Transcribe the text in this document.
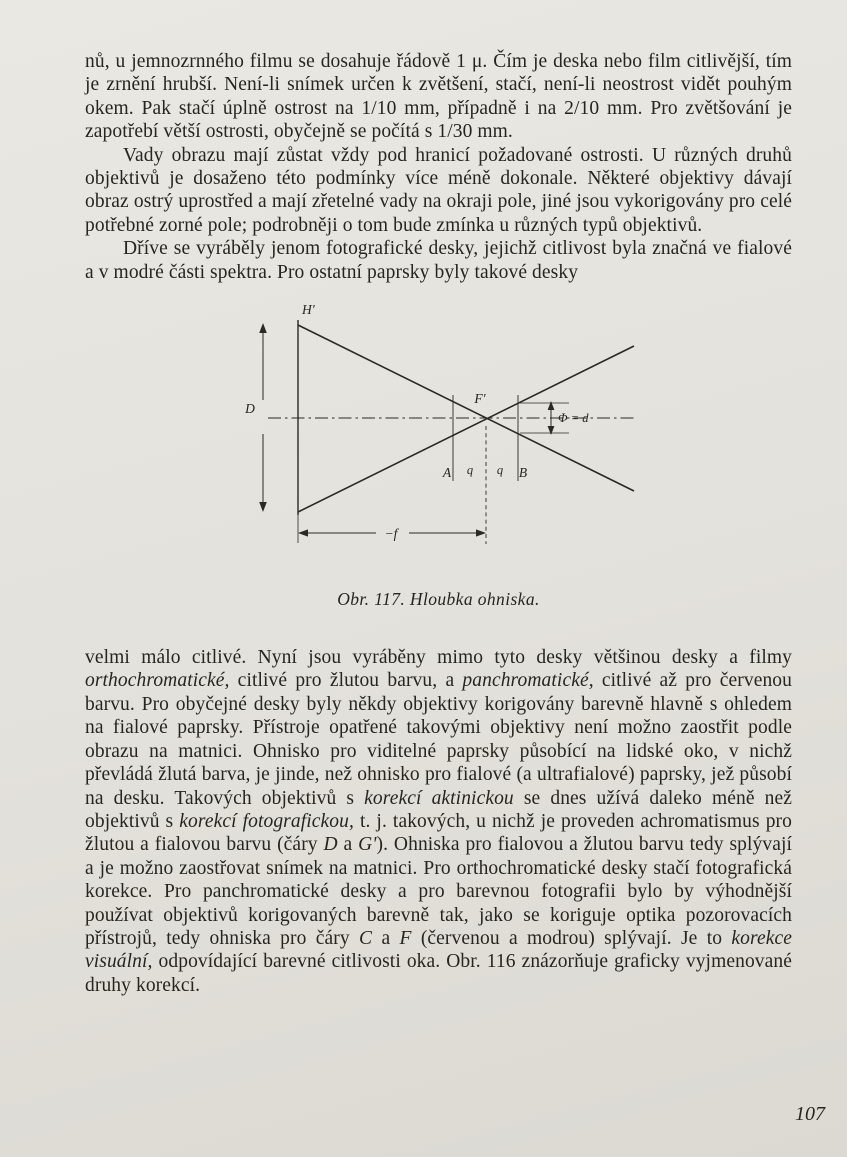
nů, u jemnozrnného filmu se dosahuje řádově 1 μ. Čím je deska nebo film citlivější, tím je zrnění hrubší. Není-li snímek určen k zvětšení, stačí, není-li neostrost vidět pouhým okem. Pak stačí úplně ostrost na 1/10 mm, případně i na 2/10 mm. Pro zvětšování je zapotřebí větší ostrosti, obyčejně se počítá s 1/30 mm.

Vady obrazu mají zůstat vždy pod hranicí požadované ostrosti. U různých druhů objektivů je dosaženo této podmínky více méně dokonale. Některé objektivy dávají obraz ostrý uprostřed a mají zřetelné vady na okraji pole, jiné jsou vykorigovány pro celé potřebné zorné pole; podrobněji o tom bude zmínka u různých typů objektivů.

Dříve se vyráběly jenom fotografické desky, jejichž citlivost byla značná ve fialové a v modré části spektra. Pro ostatní paprsky byly takové desky

H'
D
F'
Φ = d
A q q B
−f
Obr. 117. Hloubka ohniska.

velmi málo citlivé. Nyní jsou vyráběny mimo tyto desky většinou desky a filmy orthochromatické, citlivé pro žlutou barvu, a panchromatické, citlivé až pro červenou barvu. Pro obyčejné desky byly někdy objektivy korigovány barevně hlavně s ohledem na fialové paprsky. Přístroje opatřené takovými objektivy není možno zaostřit podle obrazu na matnici. Ohnisko pro viditelné paprsky působící na lidské oko, v nichž převládá žlutá barva, je jinde, než ohnisko pro fialové (a ultrafialové) paprsky, jež působí na desku. Takových objektivů s korekcí aktinickou se dnes užívá daleko méně než objektivů s korekcí fotografickou, t. j. takových, u nichž je proveden achromatismus pro žlutou a fialovou barvu (čáry D a G'). Ohniska pro fialovou a žlutou barvu tedy splývají a je možno zaostřovat snímek na matnici. Pro orthochromatické desky stačí fotografická korekce. Pro panchromatické desky a pro barevnou fotografii bylo by výhodnější používat objektivů korigovaných barevně tak, jako se koriguje optika pozorovacích přístrojů, tedy ohniska pro čáry C a F (červenou a modrou) splývají. Je to korekce visuální, odpovídající barevné citlivosti oka. Obr. 116 znázorňuje graficky vyjmenované druhy korekcí.

107
